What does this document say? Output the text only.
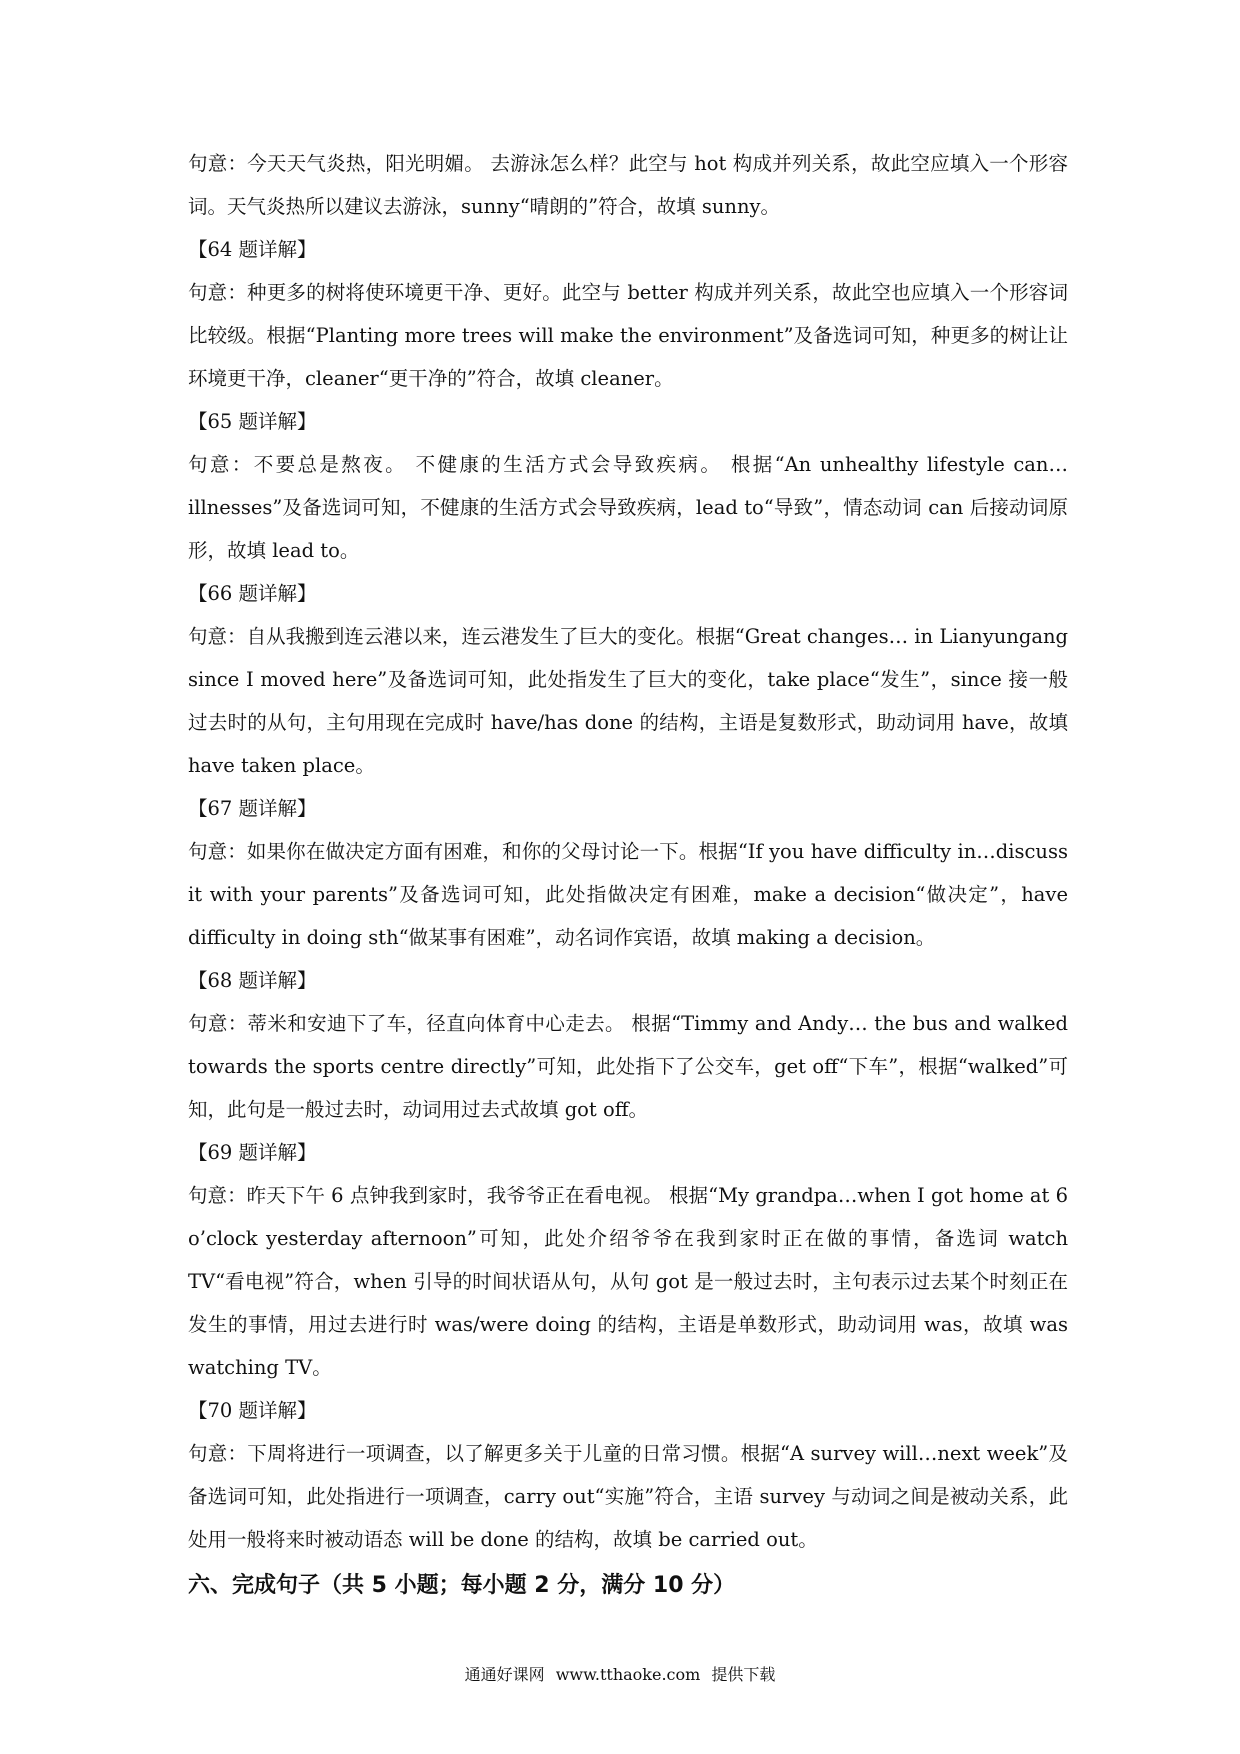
句意：今天天气炎热，阳光明媚。 去游泳怎么样？此空与 hot 构成并列关系，故此空应填入一个形容词。天气炎热所以建议去游泳，sunny“晴朗的”符合，故填 sunny。

【64 题详解】

句意：种更多的树将使环境更干净、更好。此空与 better 构成并列关系，故此空也应填入一个形容词比较级。根据“Planting more trees will make the environment”及备选词可知，种更多的树让让环境更干净，cleaner“更干净的”符合，故填 cleaner。

【65 题详解】

句意：不要总是熬夜。 不健康的生活方式会导致疾病。 根据“An unhealthy lifestyle can…illnesses”及备选词可知，不健康的生活方式会导致疾病，lead to“导致”，情态动词 can 后接动词原形，故填 lead to。

【66 题详解】

句意：自从我搬到连云港以来，连云港发生了巨大的变化。根据“Great changes… in Lianyungang since I moved here”及备选词可知，此处指发生了巨大的变化，take place“发生”，since 接一般过去时的从句，主句用现在完成时 have/has done 的结构，主语是复数形式，助动词用 have，故填 have taken place。

【67 题详解】

句意：如果你在做决定方面有困难，和你的父母讨论一下。根据“If you have difficulty in…discuss it with your parents”及备选词可知，此处指做决定有困难，make a decision“做决定”，have difficulty in doing sth“做某事有困难”，动名词作宾语，故填 making a decision。

【68 题详解】

句意：蒂米和安迪下了车，径直向体育中心走去。 根据“Timmy and Andy… the bus and walked towards the sports centre directly”可知，此处指下了公交车，get off“下车”，根据“walked”可知，此句是一般过去时，动词用过去式故填 got off。

【69 题详解】

句意：昨天下午 6 点钟我到家时，我爷爷正在看电视。 根据“My grandpa…when I got home at 6 o’clock yesterday afternoon”可知，此处介绍爷爷在我到家时正在做的事情，备选词 watch TV“看电视”符合，when 引导的时间状语从句，从句 got 是一般过去时，主句表示过去某个时刻正在发生的事情，用过去进行时 was/were doing 的结构，主语是单数形式，助动词用 was，故填 was watching TV。

【70 题详解】

句意：下周将进行一项调查，以了解更多关于儿童的日常习惯。根据“A survey will…next week”及备选词可知，此处指进行一项调查，carry out“实施”符合，主语 survey 与动词之间是被动关系，此处用一般将来时被动语态 will be done 的结构，故填 be carried out。

六、完成句子（共 5 小题；每小题 2 分，满分 10 分）

通通好课网 www.tthaoke.com 提供下载
